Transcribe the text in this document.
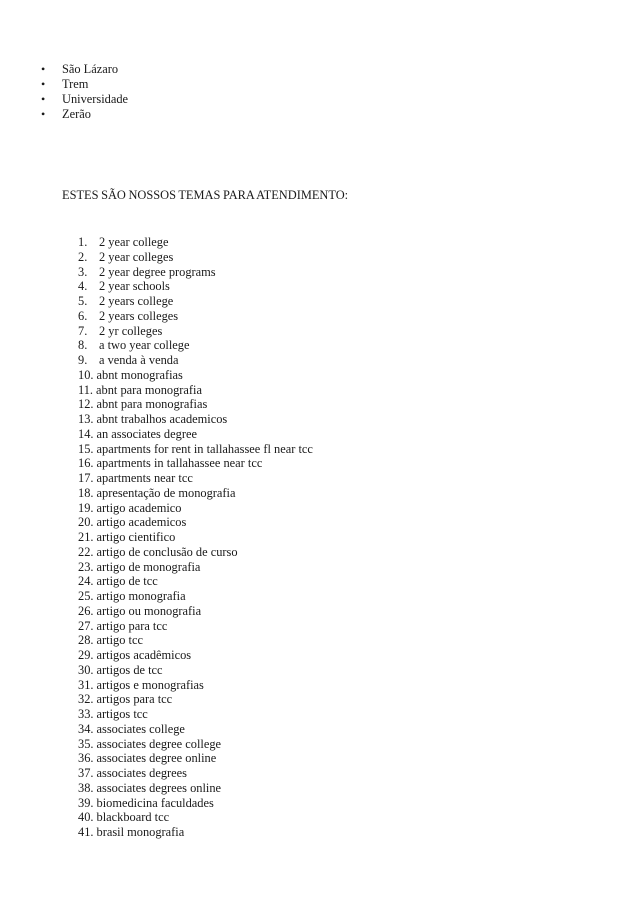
• São Lázaro
• Trem
• Universidade
• Zerão
ESTES SÃO NOSSOS TEMAS PARA ATENDIMENTO:
1. 2 year college
2. 2 year colleges
3. 2 year degree programs
4. 2 year schools
5. 2 years college
6. 2 years colleges
7. 2 yr colleges
8. a two year college
9. a venda à venda
10. abnt monografias
11. abnt para monografia
12. abnt para monografias
13. abnt trabalhos academicos
14. an associates degree
15. apartments for rent in tallahassee fl near tcc
16. apartments in tallahassee near tcc
17. apartments near tcc
18. apresentação de monografia
19. artigo academico
20. artigo academicos
21. artigo cientifico
22. artigo de conclusão de curso
23. artigo de monografia
24. artigo de tcc
25. artigo monografia
26. artigo ou monografia
27. artigo para tcc
28. artigo tcc
29. artigos acadêmicos
30. artigos de tcc
31. artigos e monografias
32. artigos para tcc
33. artigos tcc
34. associates college
35. associates degree college
36. associates degree online
37. associates degrees
38. associates degrees online
39. biomedicina faculdades
40. blackboard tcc
41. brasil monografia
